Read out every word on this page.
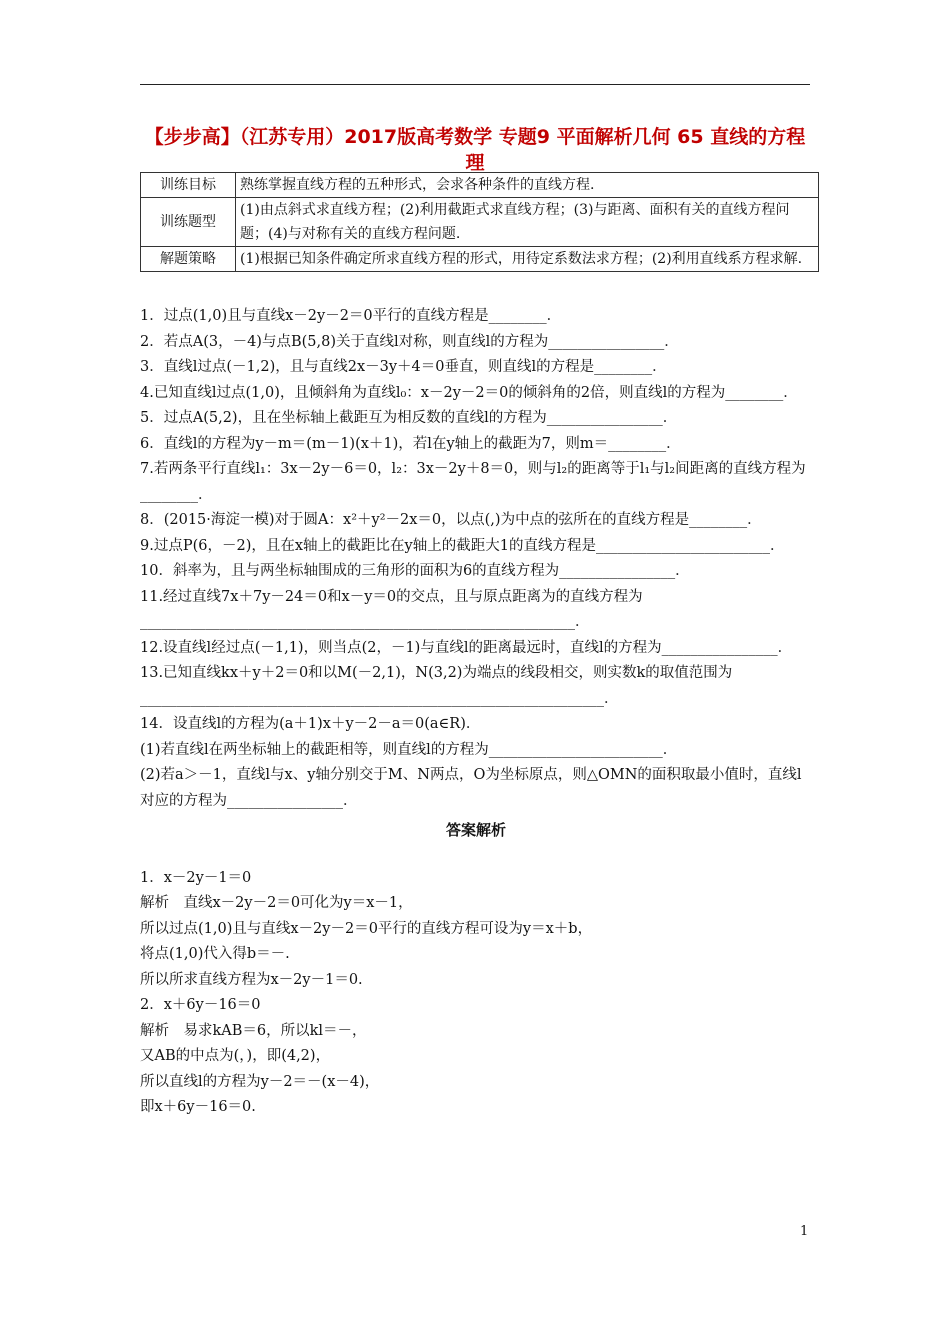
【步步高】（江苏专用）2017版高考数学 专题9 平面解析几何 65 直线的方程 理
训练目标	熟练掌握直线方程的五种形式，会求各种条件的直线方程.
训练题型	(1)由点斜式求直线方程；(2)利用截距式求直线方程；(3)与距离、面积有关的直线方程问题；(4)与对称有关的直线方程问题.
解题策略	(1)根据已知条件确定所求直线方程的形式，用待定系数法求方程；(2)利用直线系方程求解.

1．过点(1,0)且与直线x－2y－2＝0平行的直线方程是________．

2．若点A(3，－4)与点B(5,8)关于直线l对称，则直线l的方程为________________．

3．直线l过点(－1,2)，且与直线2x－3y＋4＝0垂直，则直线l的方程是________．

4.已知直线l过点(1,0)，且倾斜角为直线l₀：x－2y－2＝0的倾斜角的2倍，则直线l的方程为________．

5．过点A(5,2)，且在坐标轴上截距互为相反数的直线l的方程为________________．

6．直线l的方程为y－m＝(m－1)(x＋1)，若l在y轴上的截距为7，则m＝________．

7.若两条平行直线l₁：3x－2y－6＝0，l₂：3x－2y＋8＝0，则与l₂的距离等于l₁与l₂间距离的直线方程为________．

8．(2015·海淀一模)对于圆A：x²＋y²－2x＝0，以点(,)为中点的弦所在的直线方程是________．

9.过点P(6，－2)，且在x轴上的截距比在y轴上的截距大1的直线方程是________________________．

10．斜率为，且与两坐标轴围成的三角形的面积为6的直线方程为________________．

11.经过直线7x＋7y－24＝0和x－y＝0的交点，且与原点距离为的直线方程为____________________________________________________________．

12.设直线l经过点(－1,1)，则当点(2，－1)与直线l的距离最远时，直线l的方程为________________．

13.已知直线kx＋y＋2＝0和以M(－2,1)，N(3,2)为端点的线段相交，则实数k的取值范围为________________________________________________________________．

14．设直线l的方程为(a＋1)x＋y－2－a＝0(a∈R)．

(1)若直线l在两坐标轴上的截距相等，则直线l的方程为________________________．

(2)若a＞－1，直线l与x、y轴分别交于M、N两点，O为坐标原点，则△OMN的面积取最小值时，直线l对应的方程为________________．

答案解析

1．x－2y－1＝0

解析　直线x－2y－2＝0可化为y＝x－1，

所以过点(1,0)且与直线x－2y－2＝0平行的直线方程可设为y＝x＋b，

将点(1,0)代入得b＝－.

所以所求直线方程为x－2y－1＝0.

2．x＋6y－16＝0

解析　易求kAB＝6，所以kl＝－，

又AB的中点为(，)，即(4,2)，

所以直线l的方程为y－2＝－(x－4)，

即x＋6y－16＝0.

1
